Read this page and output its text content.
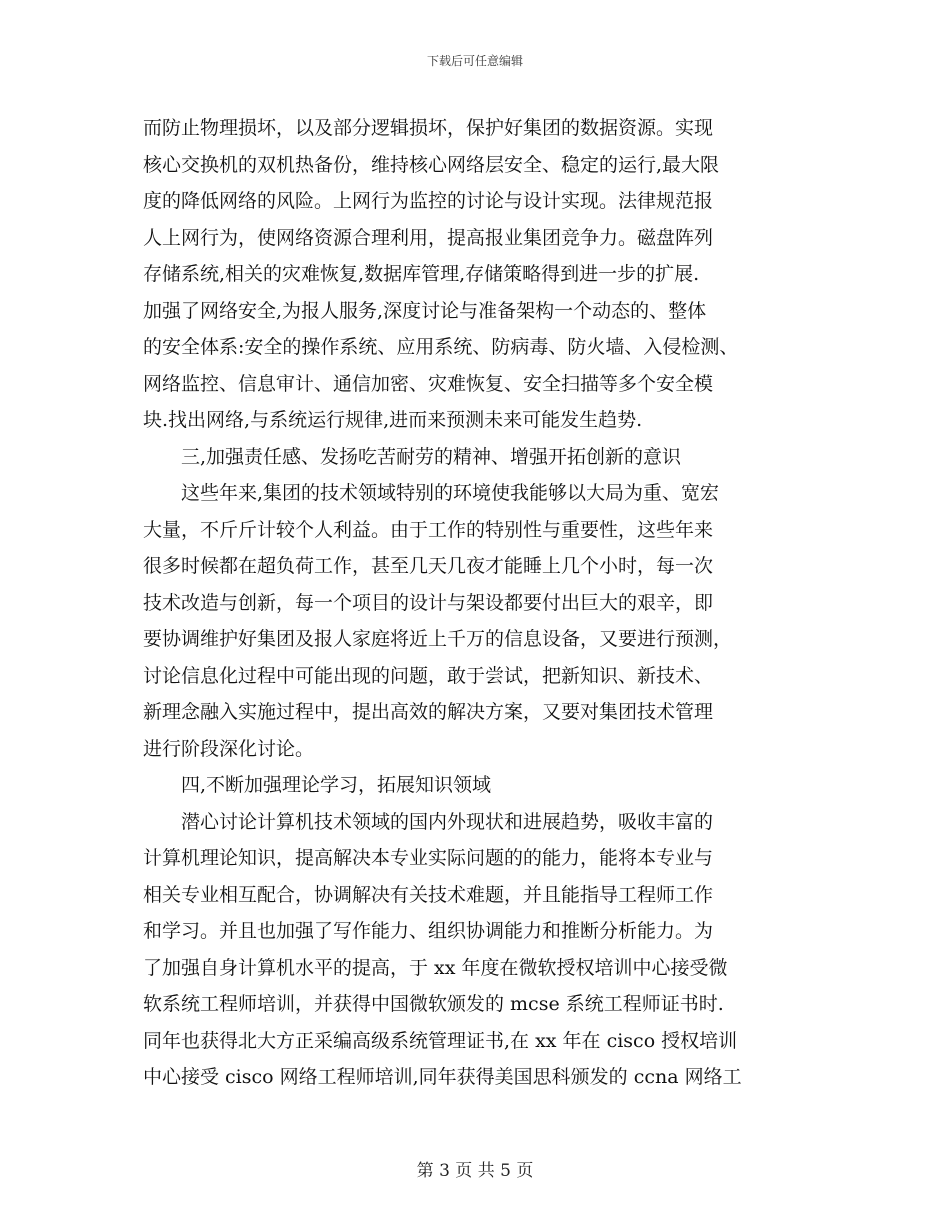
下载后可任意编辑
而防止物理损坏，以及部分逻辑损坏，保护好集团的数据资源。实现
核心交换机的双机热备份，维持核心网络层安全、稳定的运行,最大限
度的降低网络的风险。上网行为监控的讨论与设计实现。法律规范报
人上网行为，使网络资源合理利用，提高报业集团竞争力。磁盘阵列
存储系统,相关的灾难恢复,数据库管理,存储策略得到进一步的扩展.
加强了网络安全,为报人服务,深度讨论与准备架构一个动态的、整体
的安全体系:安全的操作系统、应用系统、防病毒、防火墙、入侵检测、
网络监控、信息审计、通信加密、灾难恢复、安全扫描等多个安全模
块.找出网络,与系统运行规律,进而来预测未来可能发生趋势.
　　三,加强责任感、发扬吃苦耐劳的精神、增强开拓创新的意识
　　这些年来,集团的技术领域特别的环境使我能够以大局为重、宽宏
大量，不斤斤计较个人利益。由于工作的特别性与重要性，这些年来
很多时候都在超负荷工作，甚至几天几夜才能睡上几个小时，每一次
技术改造与创新，每一个项目的设计与架设都要付出巨大的艰辛，即
要协调维护好集团及报人家庭将近上千万的信息设备，又要进行预测，
讨论信息化过程中可能出现的问题，敢于尝试，把新知识、新技术、
新理念融入实施过程中，提出高效的解决方案，又要对集团技术管理
进行阶段深化讨论。
　　四,不断加强理论学习，拓展知识领域
　　潜心讨论计算机技术领域的国内外现状和进展趋势，吸收丰富的
计算机理论知识，提高解决本专业实际问题的的能力，能将本专业与
相关专业相互配合，协调解决有关技术难题，并且能指导工程师工作
和学习。并且也加强了写作能力、组织协调能力和推断分析能力。为
了加强自身计算机水平的提高，于 xx 年度在微软授权培训中心接受微
软系统工程师培训，并获得中国微软颁发的 mcse 系统工程师证书时.
同年也获得北大方正采编高级系统管理证书,在 xx 年在 cisco 授权培训
中心接受 cisco 网络工程师培训,同年获得美国思科颁发的 ccna 网络工
第 3 页 共 5 页
